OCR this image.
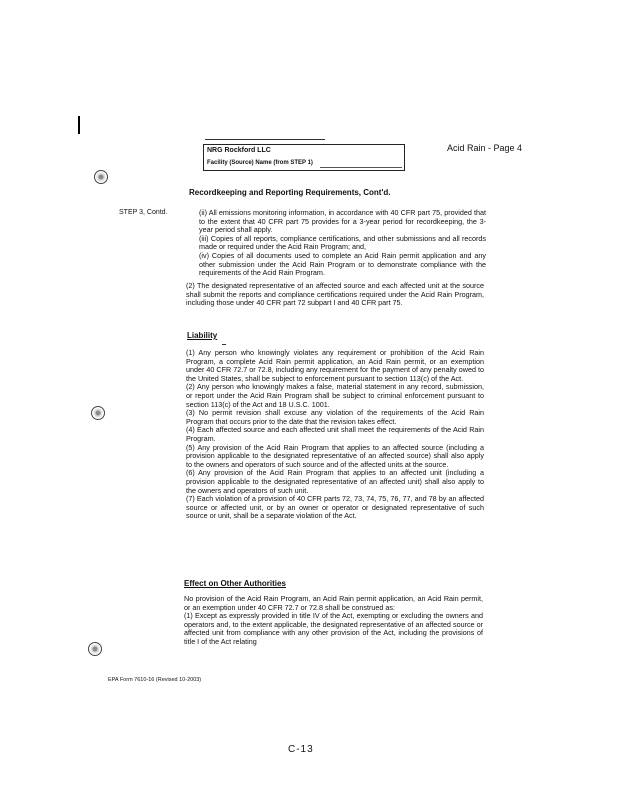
NRG Rockford LLC
Facility (Source) Name (from STEP 1)
Acid Rain - Page 4
Recordkeeping and Reporting Requirements, Cont'd.
STEP 3, Contd.	(ii) All emissions monitoring information, in accordance with 40 CFR part 75, provided that to the extent that 40 CFR part 75 provides for a 3-year period for recordkeeping, the 3-year period shall apply.

(iii) Copies of all reports, compliance certifications, and other submissions and all records made or required under the Acid Rain Program; and,

(iv) Copies of all documents used to complete an Acid Rain permit application and any other submission under the Acid Rain Program or to demonstrate compliance with the requirements of the Acid Rain Program.

(2) The designated representative of an affected source and each affected unit at the source shall submit the reports and compliance certifications required under the Acid Rain Program, including those under 40 CFR part 72 subpart I and 40 CFR part 75.

Liability

(1) Any person who knowingly violates any requirement or prohibition of the Acid Rain Program, a complete Acid Rain permit application, an Acid Rain permit, or an exemption under 40 CFR 72.7 or 72.8, including any requirement for the payment of any penalty owed to the United States, shall be subject to enforcement pursuant to section 113(c) of the Act.

(2) Any person who knowingly makes a false, material statement in any record, submission, or report under the Acid Rain Program shall be subject to criminal enforcement pursuant to section 113(c) of the Act and 18 U.S.C. 1001.

(3) No permit revision shall excuse any violation of the requirements of the Acid Rain Program that occurs prior to the date that the revision takes effect.

(4) Each affected source and each affected unit shall meet the requirements of the Acid Rain Program.

(5) Any provision of the Acid Rain Program that applies to an affected source (including a provision applicable to the designated representative of an affected source) shall also apply to the owners and operators of such source and of the affected units at the source.

(6) Any provision of the Acid Rain Program that applies to an affected unit (including a provision applicable to the designated representative of an affected unit) shall also apply to the owners and operators of such unit.

(7) Each violation of a provision of 40 CFR parts 72, 73, 74, 75, 76, 77, and 78 by an affected source or affected unit, or by an owner or operator or designated representative of such source or unit, shall be a separate violation of the Act.

Effect on Other Authorities

No provision of the Acid Rain Program, an Acid Rain permit application, an Acid Rain permit, or an exemption under 40 CFR 72.7 or 72.8 shall be construed as:

(1) Except as expressly provided in title IV of the Act, exempting or excluding the owners and operators and, to the extent applicable, the designated representative of an affected source or affected unit from compliance with any other provision of the Act, including the provisions of title I of the Act relating

EPA Form 7610-16 (Revised 10-2003)
C-13
